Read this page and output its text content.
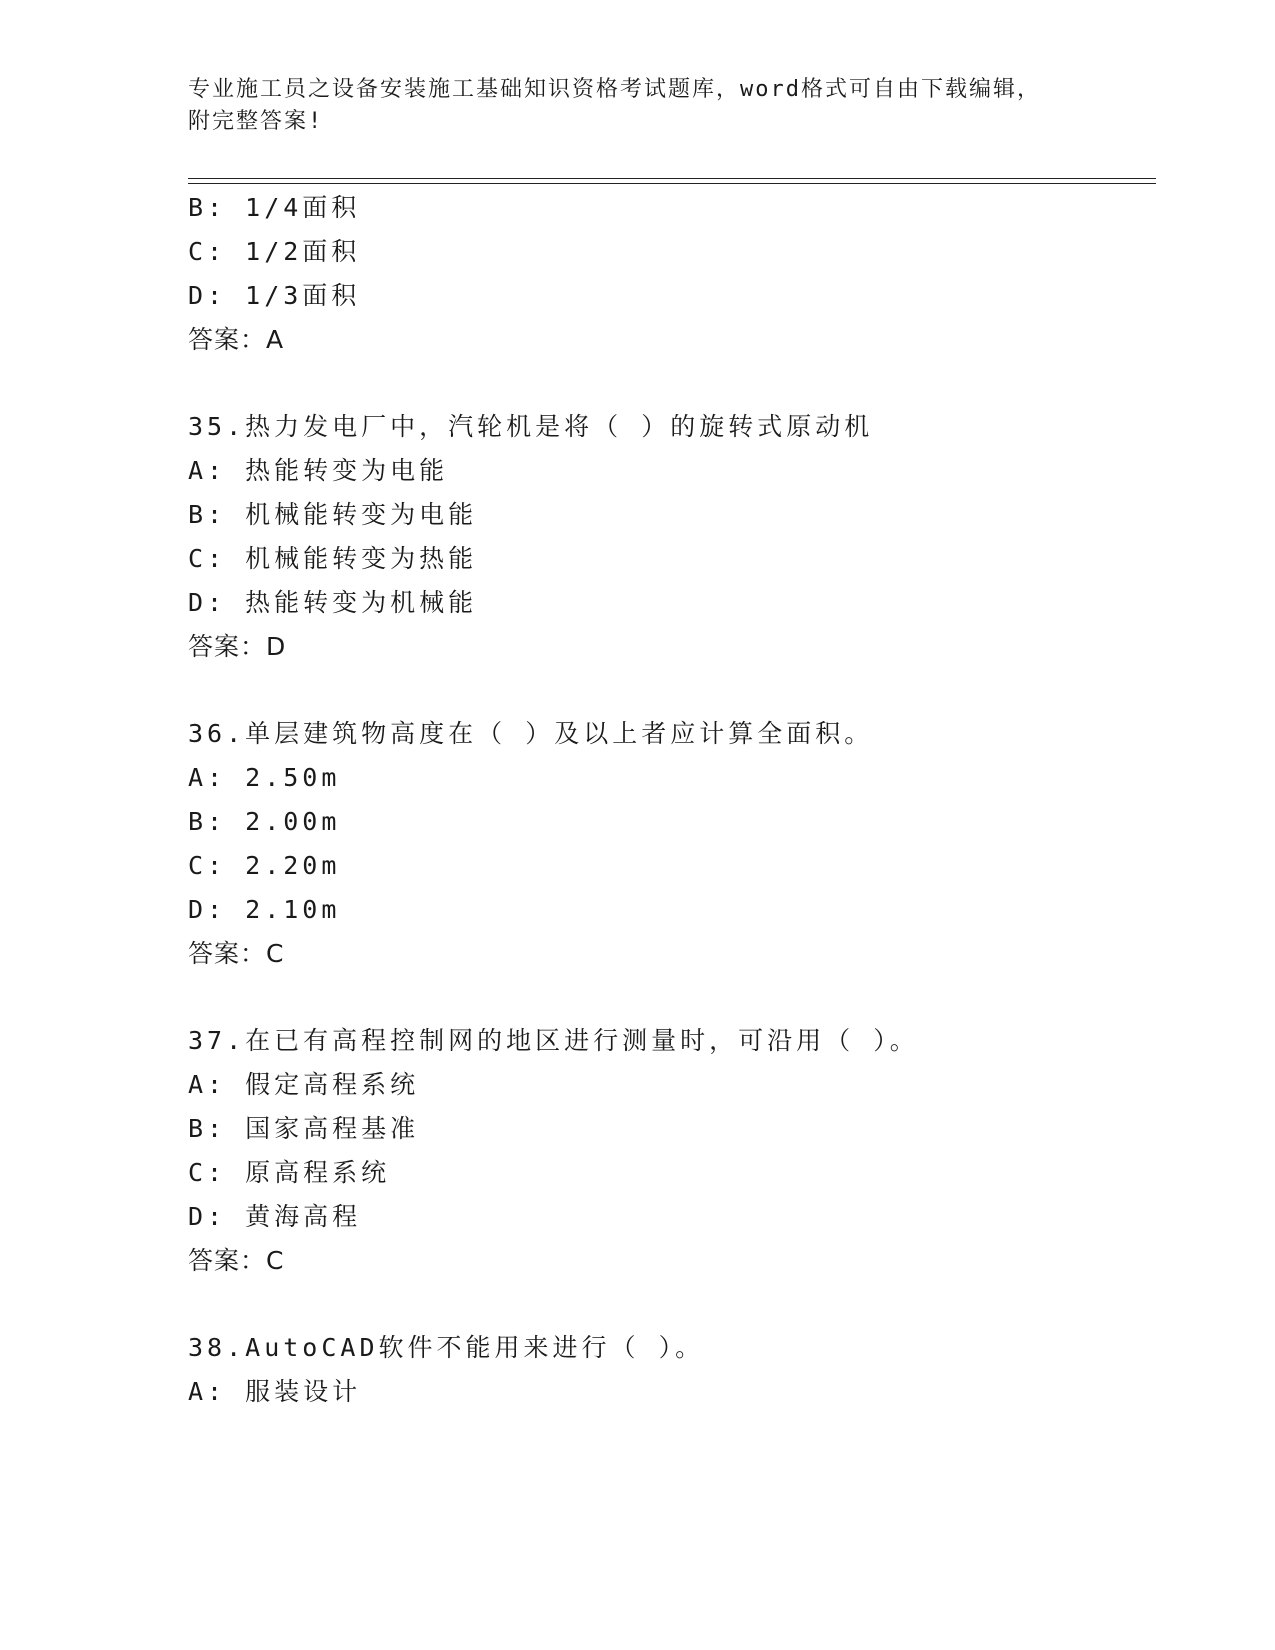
专业施工员之设备安装施工基础知识资格考试题库，word格式可自由下载编辑，
附完整答案!
B: 1/4面积
C: 1/2面积
D: 1/3面积
答案：A
35.热力发电厂中，汽轮机是将（ ）的旋转式原动机
A: 热能转变为电能
B: 机械能转变为电能
C: 机械能转变为热能
D: 热能转变为机械能
答案：D
36.单层建筑物高度在（ ）及以上者应计算全面积。
A: 2.50m
B: 2.00m
C: 2.20m
D: 2.10m
答案：C
37.在已有高程控制网的地区进行测量时，可沿用（ ）。
A: 假定高程系统
B: 国家高程基准
C: 原高程系统
D: 黄海高程
答案：C
38.AutoCAD软件不能用来进行（ ）。
A: 服装设计
